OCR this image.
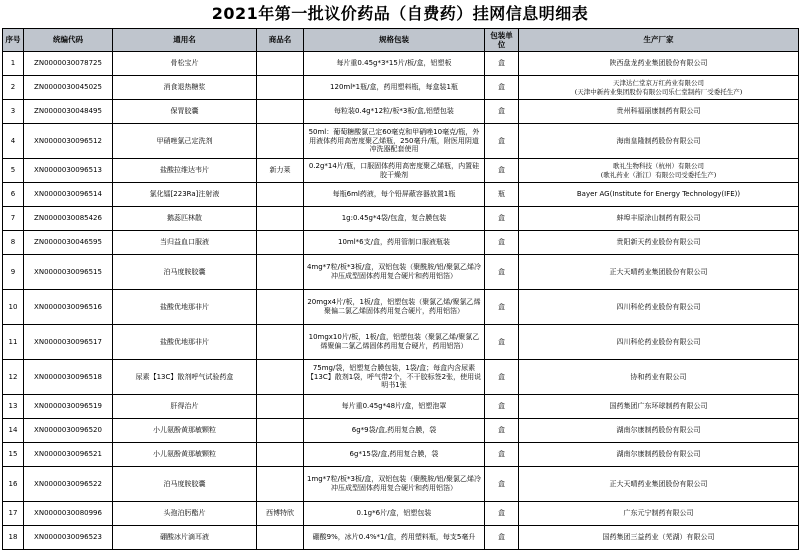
2021年第一批议价药品（自费药）挂网信息明细表
序号	统编代码	通用名	商品名	规格包装	包装单位	生产厂家
1	ZN0000030078725	骨松宝片		每片重0.45g*3*15片/板/盒，铝塑板	盒	陕西盘龙药业集团股份有限公司
2	ZN0000030045025	消食退热糖浆		120ml*1瓶/盒，药用塑料瓶，每盒装1瓶	盒	天津达仁堂京万红药业有限公司
(天津中新药业集团股份有限公司乐仁堂制药厂受委托生产)

3	ZN0000030048495	保胃胶囊		每粒装0.4g*12粒/板*3板/盒,铝塑包装	盒	贵州科福丽康制药有限公司
4	XN0000030096512	甲硝唑氯己定洗剂		50ml：葡萄糖酸氯己定60毫克和甲硝唑10毫克/瓶，外用液体药用高密度聚乙烯瓶，250毫升/瓶，附医用阴道冲洗器配套使用	盒	海南皇隆制药股份有限公司
5	XN0000030096513	盐酸拉维达韦片	新力莱	0.2g*14片/瓶，口服固体药用高密度聚乙烯瓶，内置硅胶干燥剂	盒	歌礼生物科技（杭州）有限公司
(歌礼药业（浙江）有限公司受委托生产)

6	XN0000030096514	氯化镭[223Ra]注射液		每瓶6ml药液，每个铅屏蔽容器放置1瓶	瓶	Bayer AG(Institute for Energy Technology(IFE))
7	ZN0000030085426	鹅蕊匹林散		1g:0.45g*4袋/包盒，复合膜包装	盒	蚌埠丰原涂山制药有限公司
8	ZN0000030046595	当归益血口服液		10ml*6支/盒，药用管制口服液瓶装	盒	贵阳新天药业股份有限公司
9	XN0000030096515	泊马度胺胶囊		4mg*7粒/板*3板/盒，双铝包装（聚酰胺/铝/聚氯乙烯冷冲压成型固体药用复合硬片和药用铝箔）	盒	正大天晴药业集团股份有限公司
10	XN0000030096516	盐酸优地那非片		20mgx4片/板，1板/盒，铝塑包装（聚氯乙烯/聚氯乙烯聚偏二氯乙烯固体药用复合硬片，药用铝箔）	盒	四川科伦药业股份有限公司
11	XN0000030096517	盐酸优地那非片		10mgx10片/板，1板/盒，铝塑包装（聚氯乙烯/聚氯乙烯聚偏二氯乙烯固体药用复合硬片，药用铝箔）	盒	四川科伦药业股份有限公司
12	XN0000030096518	尿素【13C】散剂呼气试验药盒		75mg/袋，铝塑复合膜包装，1袋/盒；每盒内含尿素【13C】散剂1袋，呼气带2个，不干胶标签2张，使用说明书1张	盒	协和药业有限公司
13	XN0000030096519	肝得治片		每片重0.45g*48片/盒，铝塑泡罩	盒	国药集团广东环球制药有限公司
14	XN0000030096520	小儿氨酚黄那敏颗粒		6g*9袋/盒,药用复合膜，袋	盒	湖南尔康制药股份有限公司
15	XN0000030096521	小儿氨酚黄那敏颗粒		6g*15袋/盒,药用复合膜，袋	盒	湖南尔康制药股份有限公司
16	XN0000030096522	泊马度胺胶囊		1mg*7粒/板*3板/盒，双铝包装（聚酰胺/铝/聚氯乙烯冷冲压成型固体药用复合硬片和药用铝箔）	盒	正大天晴药业集团股份有限公司
17	XN0000030080996	头孢泊肟酯片	西博特欣	0.1g*6片/盒，铝塑包装	盒	广东元宁制药有限公司
18	XN0000030096523	硼酸冰片滴耳液		硼酸9%，冰片0.4%*1/盒，药用塑料瓶，每支5毫升	盒	国药集团三益药业（芜湖）有限公司
